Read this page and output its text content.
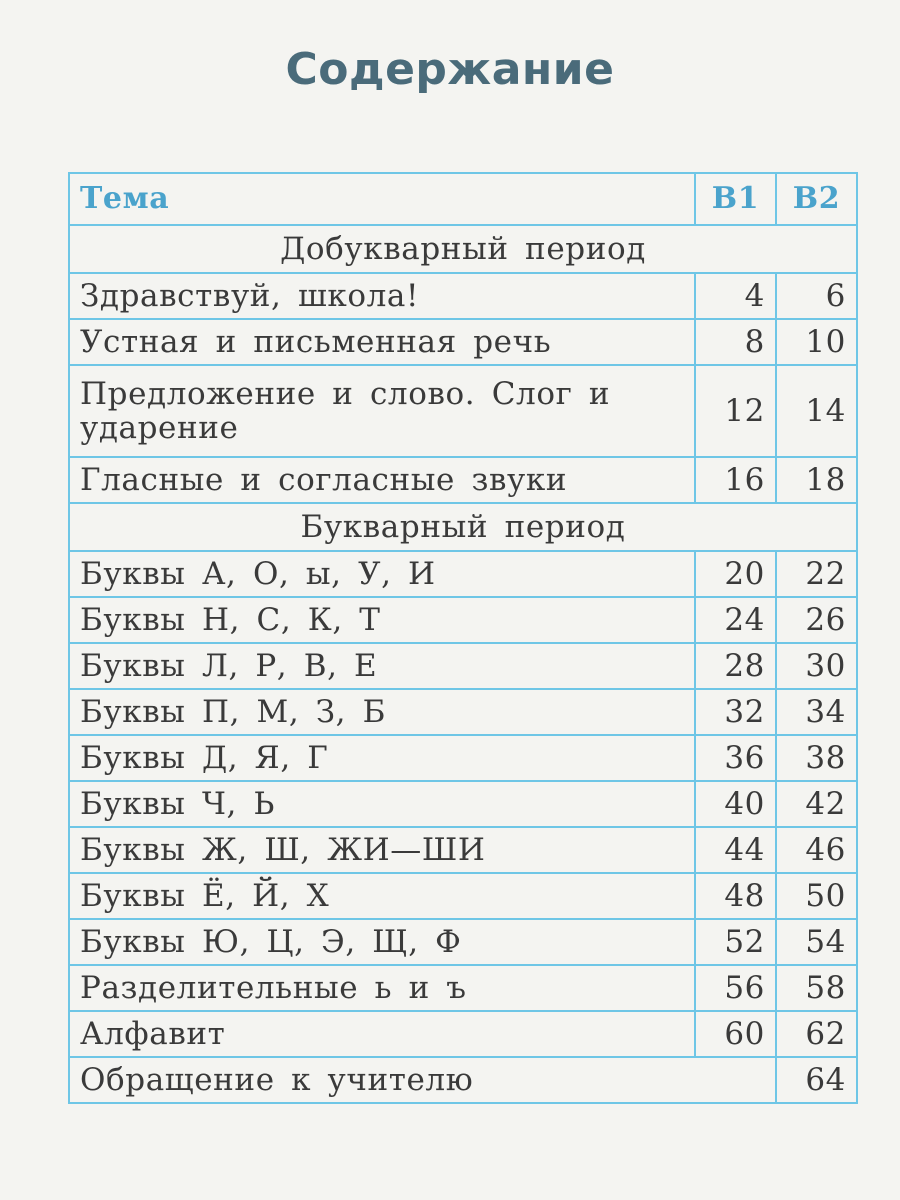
Содержание
Тема	В1	В2
Добукварный период		
Здравствуй, школа!	4	6
Устная и письменная речь	8	10
Предложение и слово. Слог и ударение	12	14
Гласные и согласные звуки	16	18
Букварный период		
Буквы А, О, ы, У, И	20	22
Буквы Н, С, К, Т	24	26
Буквы Л, Р, В, Е	28	30
Буквы П, М, З, Б	32	34
Буквы Д, Я, Г	36	38
Буквы Ч, Ь	40	42
Буквы Ж, Ш, ЖИ—ШИ	44	46
Буквы Ё, Й, Х	48	50
Буквы Ю, Ц, Э, Щ, Ф	52	54
Разделительные ь и ъ	56	58
Алфавит	60	62
Обращение к учителю		64
